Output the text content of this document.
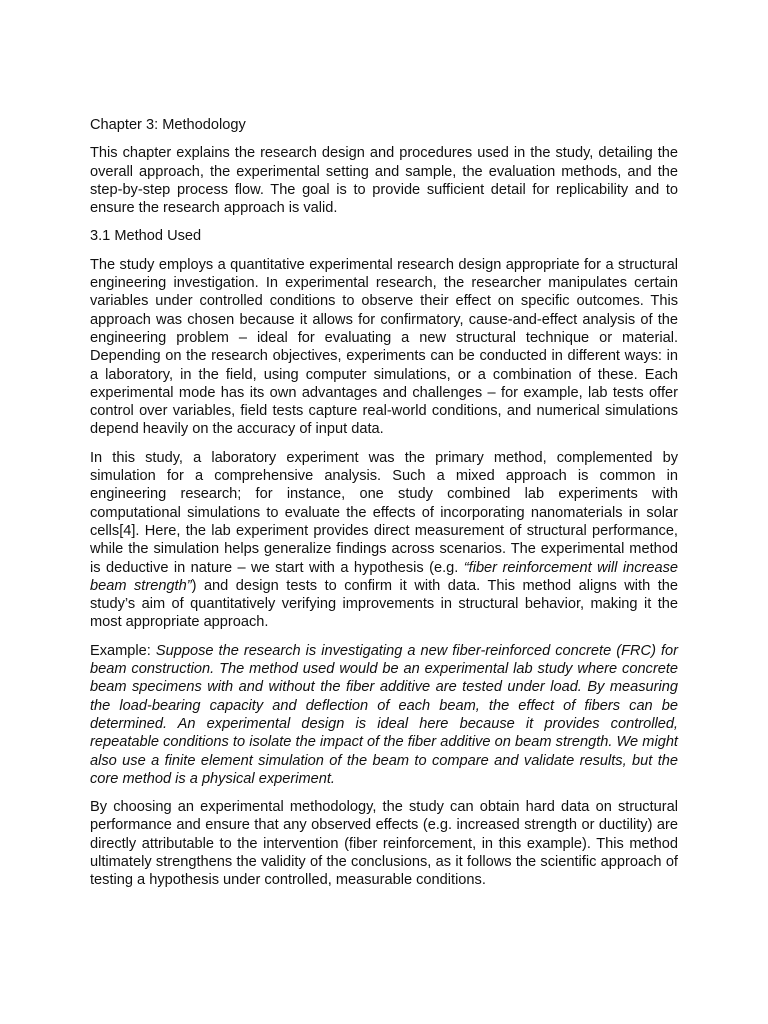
Chapter 3: Methodology

This chapter explains the research design and procedures used in the study, detailing the overall approach, the experimental setting and sample, the evaluation methods, and the step-by-step process flow. The goal is to provide sufficient detail for replicability and to ensure the research approach is valid.

3.1 Method Used

The study employs a quantitative experimental research design appropriate for a structural engineering investigation. In experimental research, the researcher manipulates certain variables under controlled conditions to observe their effect on specific outcomes. This approach was chosen because it allows for confirmatory, cause-and-effect analysis of the engineering problem – ideal for evaluating a new structural technique or material. Depending on the research objectives, experiments can be conducted in different ways: in a laboratory, in the field, using computer simulations, or a combination of these. Each experimental mode has its own advantages and challenges – for example, lab tests offer control over variables, field tests capture real-world conditions, and numerical simulations depend heavily on the accuracy of input data.

In this study, a laboratory experiment was the primary method, complemented by simulation for a comprehensive analysis. Such a mixed approach is common in engineering research; for instance, one study combined lab experiments with computational simulations to evaluate the effects of incorporating nanomaterials in solar cells[4]. Here, the lab experiment provides direct measurement of structural performance, while the simulation helps generalize findings across scenarios. The experimental method is deductive in nature – we start with a hypothesis (e.g. “fiber reinforcement will increase beam strength”) and design tests to confirm it with data. This method aligns with the study’s aim of quantitatively verifying improvements in structural behavior, making it the most appropriate approach.

Example: Suppose the research is investigating a new fiber-reinforced concrete (FRC) for beam construction. The method used would be an experimental lab study where concrete beam specimens with and without the fiber additive are tested under load. By measuring the load-bearing capacity and deflection of each beam, the effect of fibers can be determined. An experimental design is ideal here because it provides controlled, repeatable conditions to isolate the impact of the fiber additive on beam strength. We might also use a finite element simulation of the beam to compare and validate results, but the core method is a physical experiment.

By choosing an experimental methodology, the study can obtain hard data on structural performance and ensure that any observed effects (e.g. increased strength or ductility) are directly attributable to the intervention (fiber reinforcement, in this example). This method ultimately strengthens the validity of the conclusions, as it follows the scientific approach of testing a hypothesis under controlled, measurable conditions.
